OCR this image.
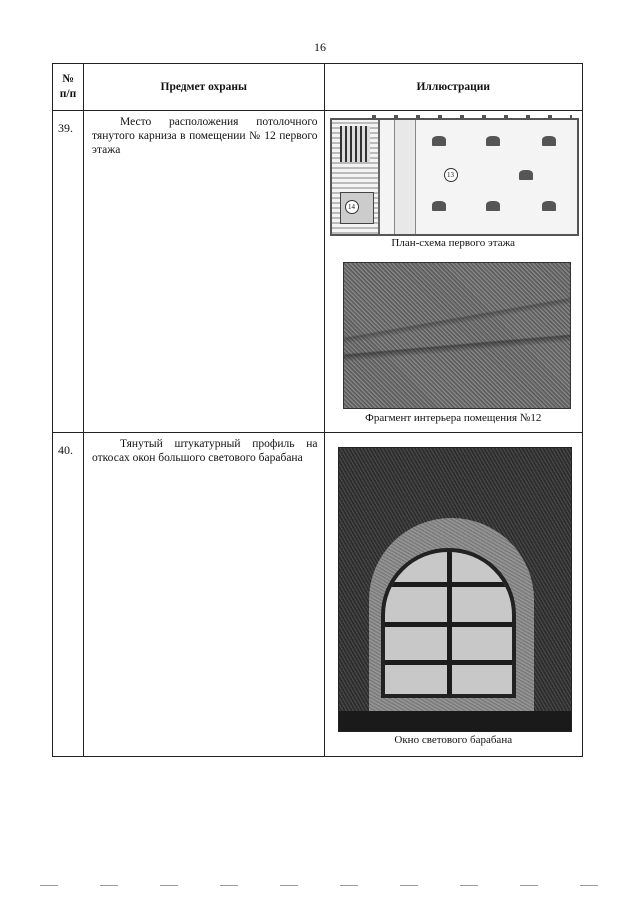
16
№
п/п	Предмет охраны	Иллюстрации
39.	Место расположения потолочного тянутого карниза в помещении № 12 первого этажа	13
14
План-схема первого этажа
Фрагмент интерьера помещения №12

40.	Тянутый штукатурный профиль на откосах окон большого светового барабана	Окно светового барабана
